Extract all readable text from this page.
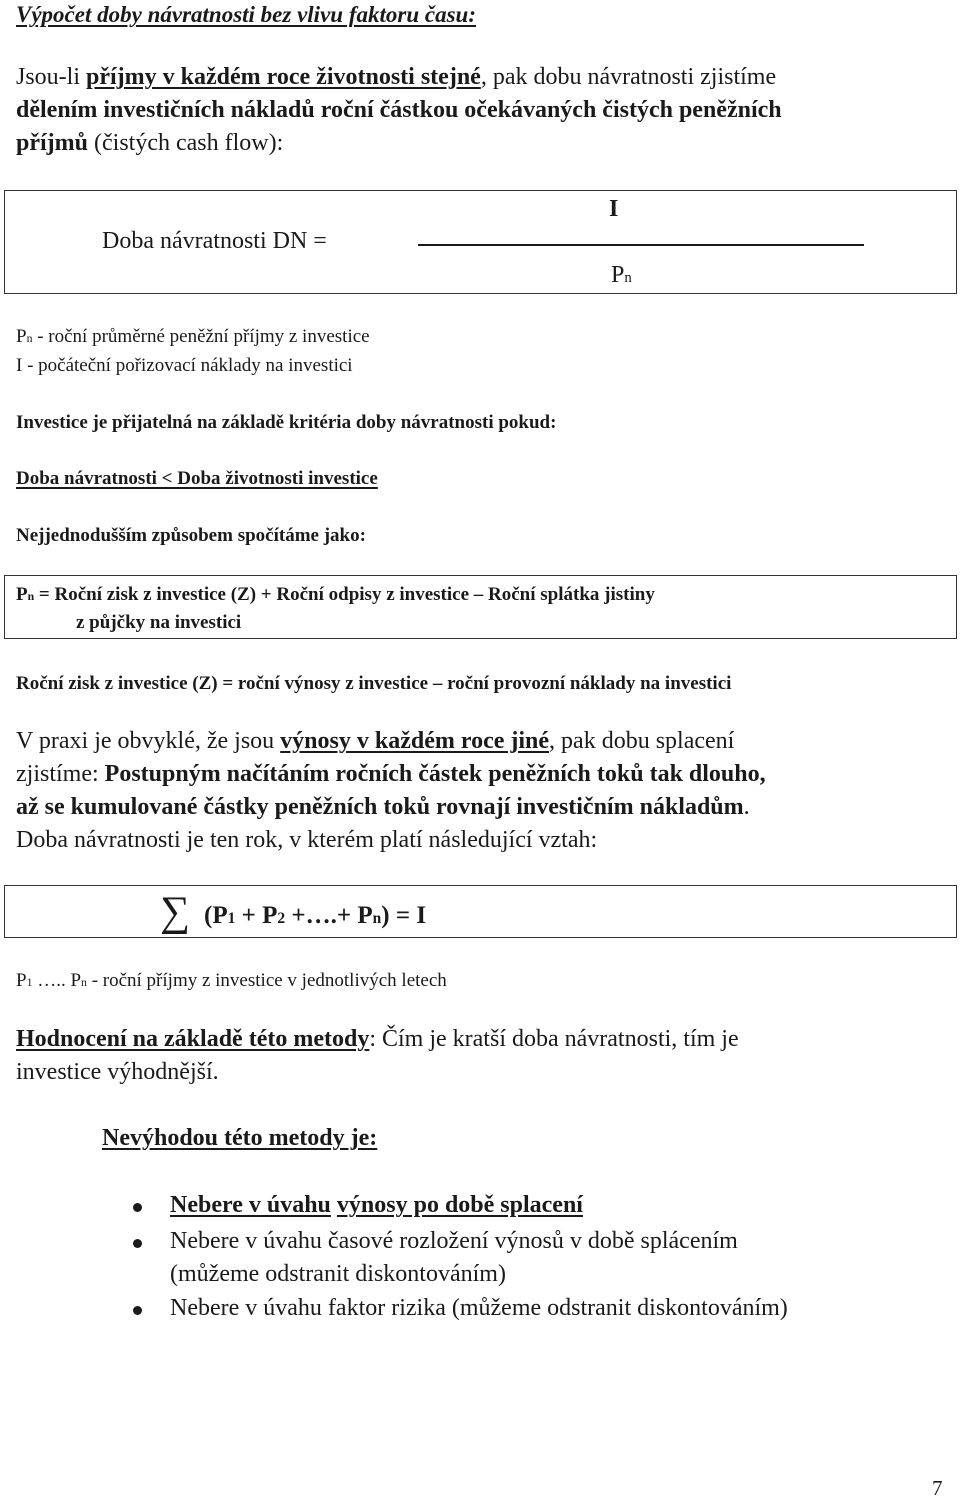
Výpočet doby návratnosti bez vlivu faktoru času:
Jsou-li příjmy v každém roce životnosti stejné, pak dobu návratnosti zjistíme
dělením investičních nákladů roční částkou očekávaných čistých peněžních
příjmů (čistých cash flow):
Doba návratnosti DN =
I
Pn
Pn - roční průměrné peněžní příjmy z investice
I - počáteční pořizovací náklady na investici
Investice je přijatelná na základě kritéria doby návratnosti pokud:
Doba návratnosti < Doba životnosti investice
Nejjednodušším způsobem spočítáme jako:
Pn = Roční zisk z investice (Z) + Roční odpisy z investice – Roční splátka jistiny
z půjčky na investici
Roční zisk z investice (Z) = roční výnosy z investice – roční provozní náklady na investici
V praxi je obvyklé, že jsou výnosy v každém roce jiné, pak dobu splacení
zjistíme: Postupným načítáním ročních částek peněžních toků tak dlouho,
až se kumulované částky peněžních toků rovnají investičním nákladům.
Doba návratnosti je ten rok, v kterém platí následující vztah:
∑ (P1 + P2 +….+ Pn) = I
P1 ….. Pn - roční příjmy z investice v jednotlivých letech
Hodnocení na základě této metody: Čím je kratší doba návratnosti, tím je
investice výhodnější.
Nevýhodou této metody je:
Nebere v úvahu výnosy po době splacení
Nebere v úvahu časové rozložení výnosů v době splácením
(můžeme odstranit diskontováním)
Nebere v úvahu faktor rizika (můžeme odstranit diskontováním)
7
